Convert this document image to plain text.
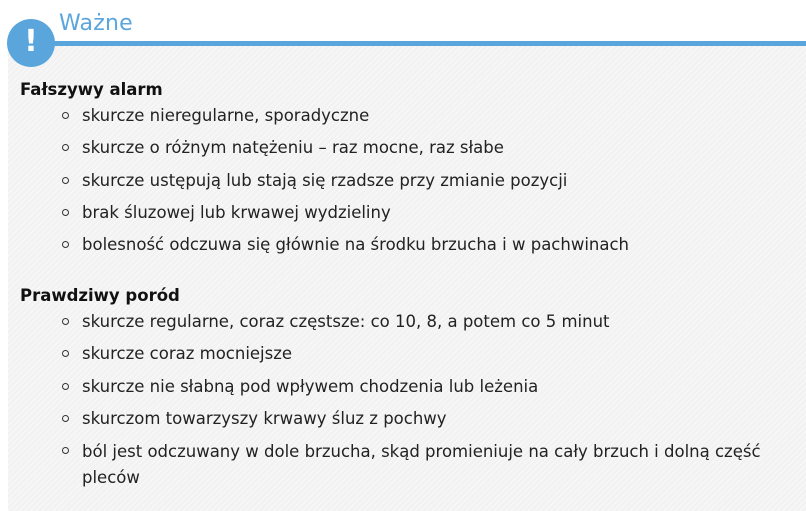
Ważne
!
Fałszywy alarm
skurcze nieregularne, sporadyczne
skurcze o różnym natężeniu – raz mocne, raz słabe
skurcze ustępują lub stają się rzadsze przy zmianie pozycji
brak śluzowej lub krwawej wydzieliny
bolesność odczuwa się głównie na środku brzucha i w pachwinach
Prawdziwy poród
skurcze regularne, coraz częstsze: co 10, 8, a potem co 5 minut
skurcze coraz mocniejsze
skurcze nie słabną pod wpływem chodzenia lub leżenia
skurczom towarzyszy krwawy śluz z pochwy
ból jest odczuwany w dole brzucha, skąd promieniuje na cały brzuch i dolną część pleców
